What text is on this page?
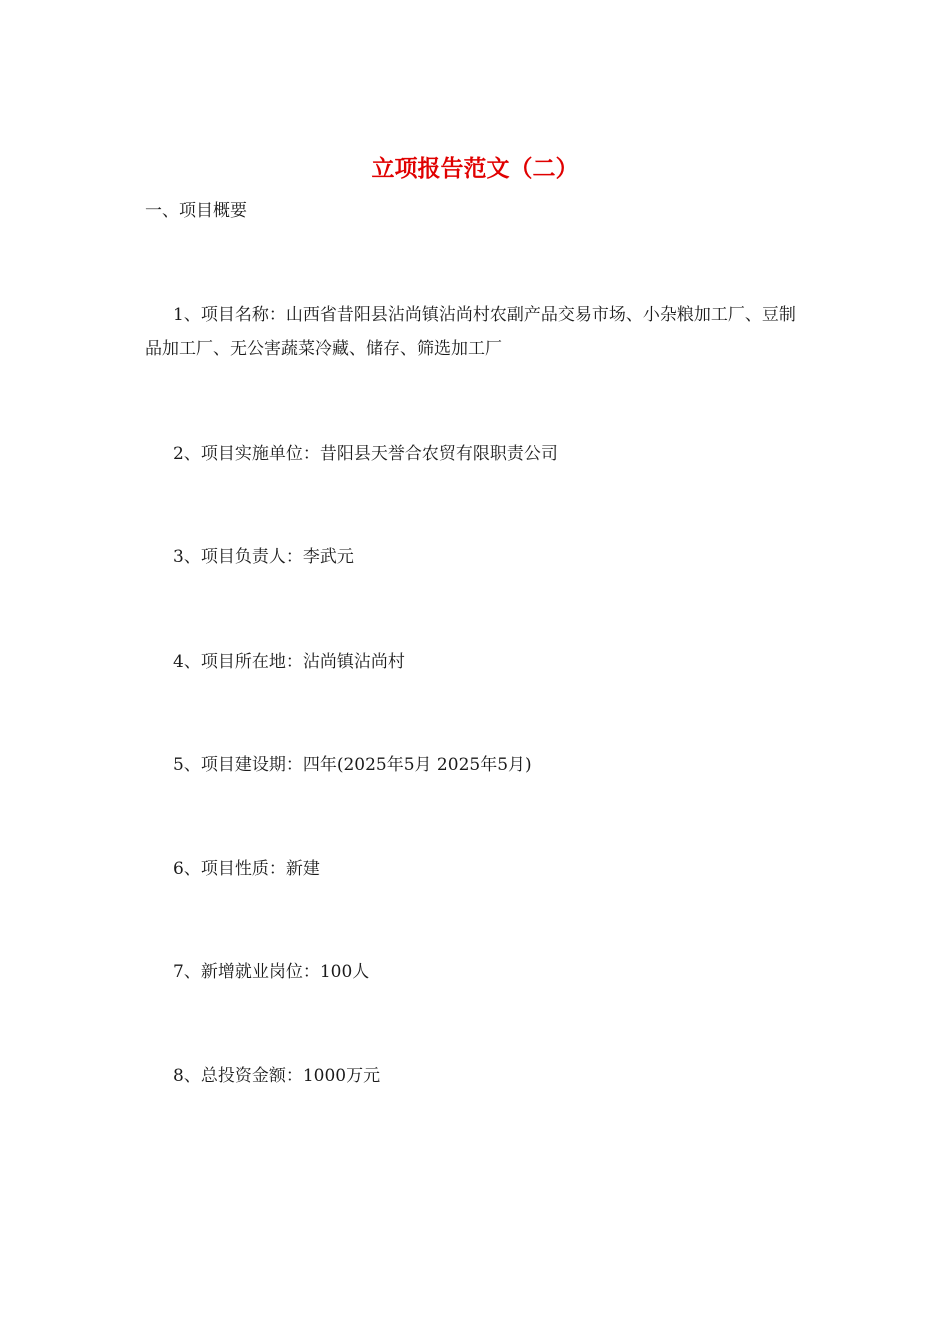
立项报告范文（二）
一、项目概要

1、项目名称：山西省昔阳县沾尚镇沾尚村农副产品交易市场、小杂粮加工厂、豆制品加工厂、无公害蔬菜冷藏、储存、筛选加工厂

2、项目实施单位：昔阳县天誉合农贸有限职责公司

3、项目负责人：李武元

4、项目所在地：沾尚镇沾尚村

5、项目建设期：四年(2025年5月 2025年5月)

6、项目性质：新建

7、新增就业岗位：100人

8、总投资金额：1000万元
